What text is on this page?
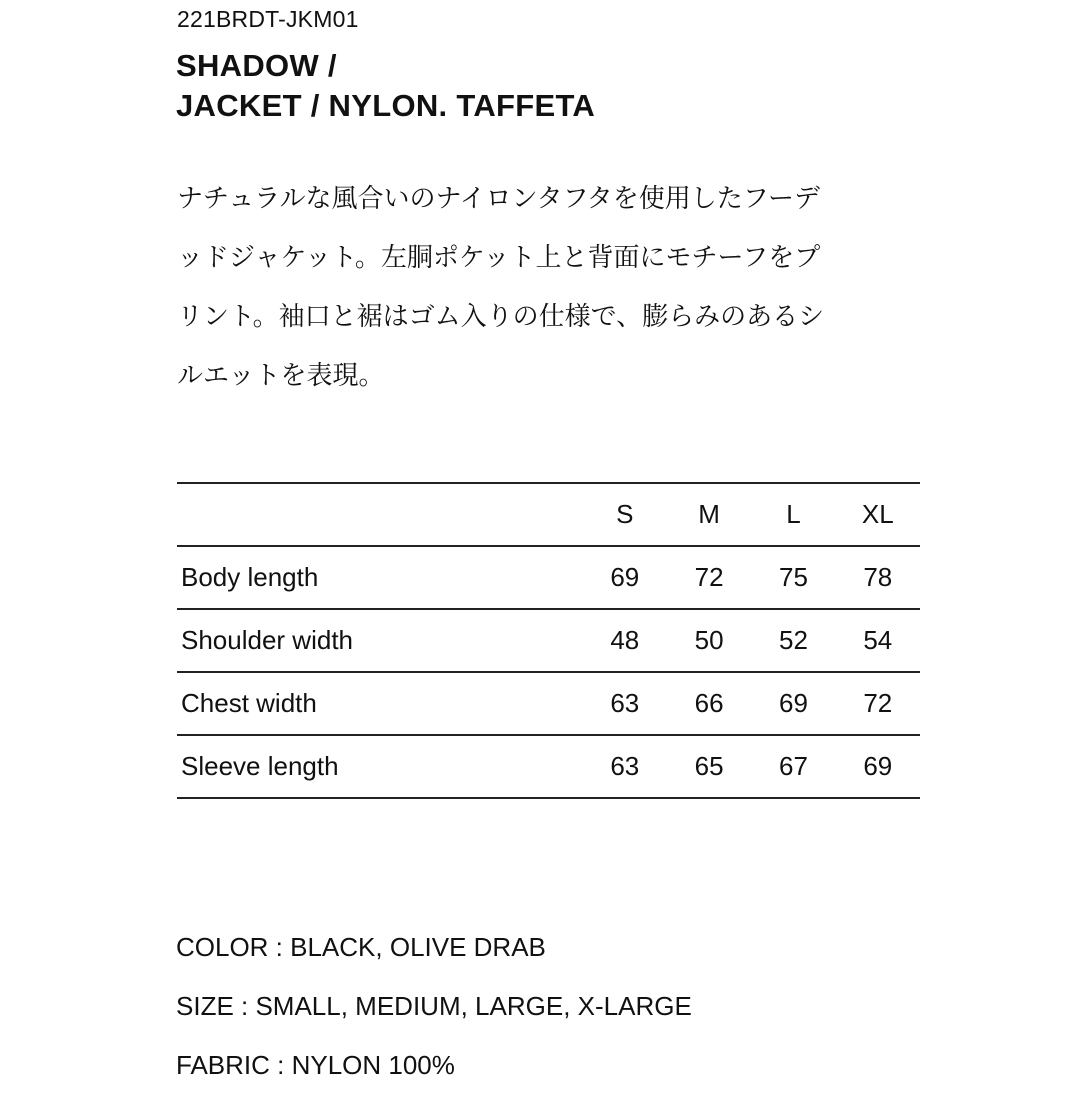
221BRDT-JKM01
SHADOW /
JACKET / NYLON. TAFFETA
ナチュラルな風合いのナイロンタフタを使用したフーデ
ッドジャケット。左胴ポケット上と背面にモチーフをプ
リント。袖口と裾はゴム入りの仕様で、膨らみのあるシ
ルエットを表現。
	S	M	L	XL
Body length	69	72	75	78
Shoulder width	48	50	52	54
Chest width	63	66	69	72
Sleeve length	63	65	67	69
COLOR : BLACK, OLIVE DRAB
SIZE : SMALL, MEDIUM, LARGE, X-LARGE
FABRIC : NYLON 100%
